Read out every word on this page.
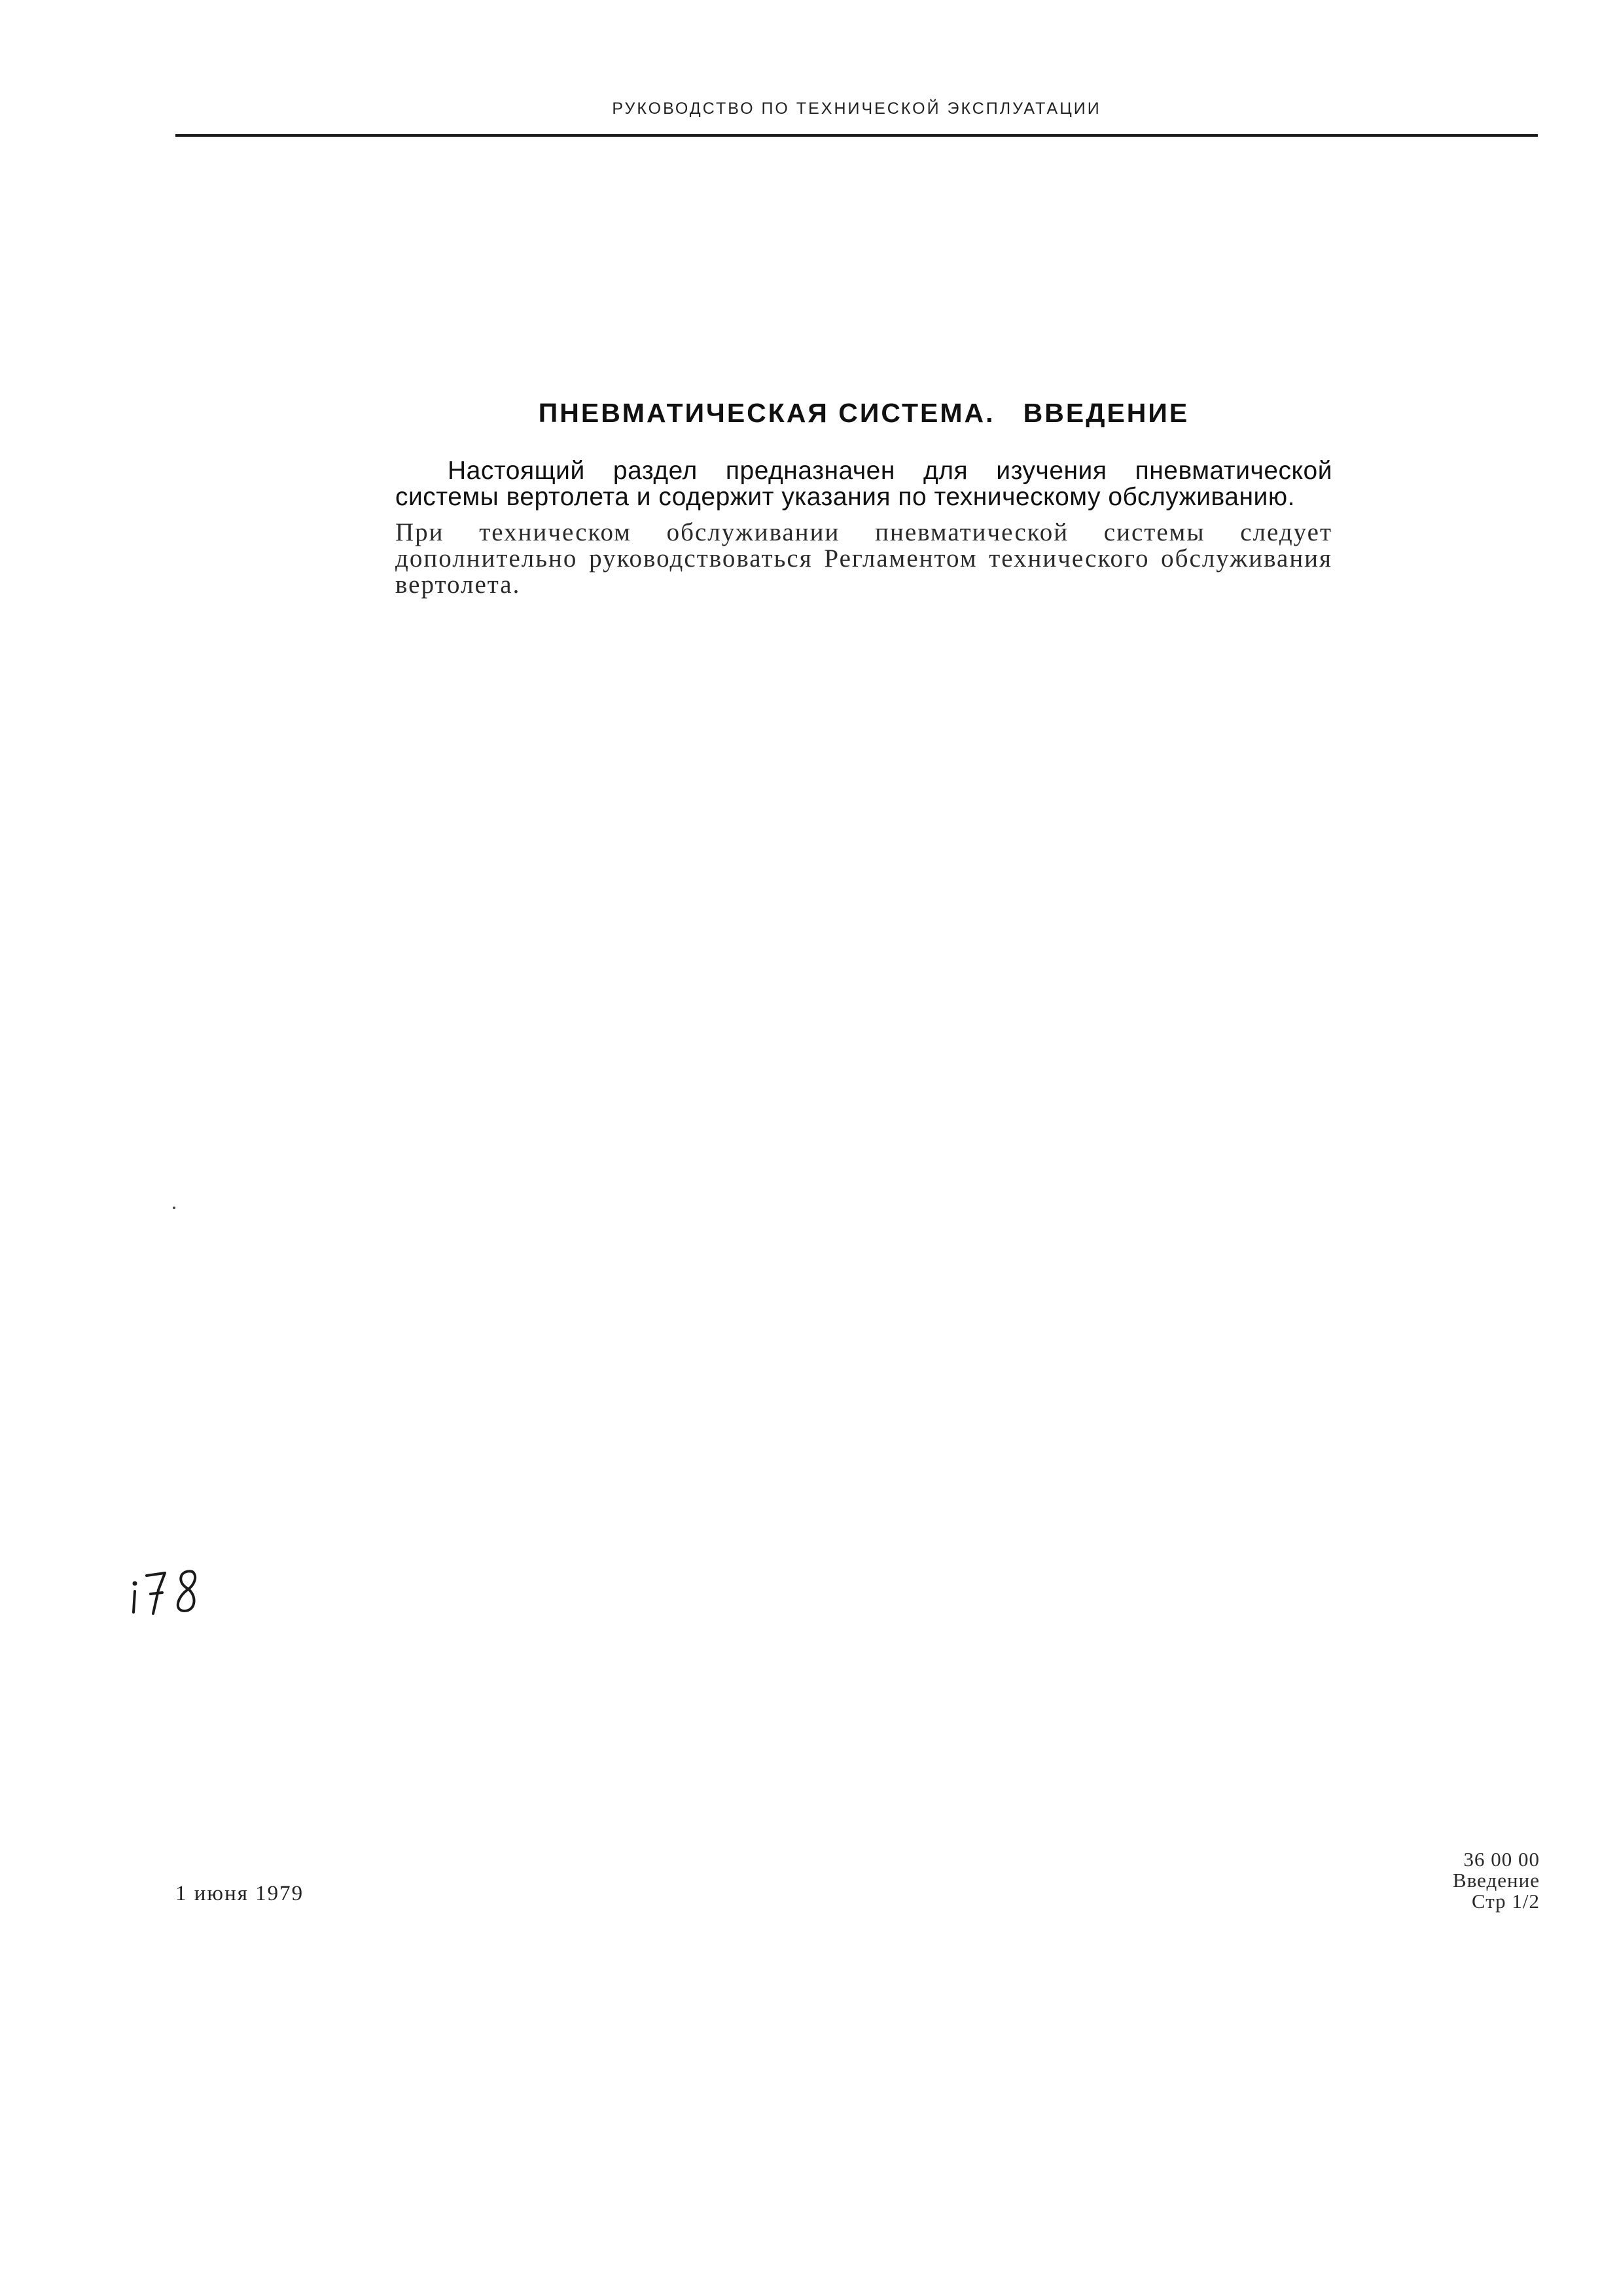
РУКОВОДСТВО ПО ТЕХНИЧЕСКОЙ ЭКСПЛУАТАЦИИ
ПНЕВМАТИЧЕСКАЯ СИСТЕМА.   ВВЕДЕНИЕ

Настоящий раздел предназначен для изучения пневматической системы вертолета и содержит указания по техническому обслуживанию.

При техническом обслуживании пневматической системы следует дополнительно руководствоваться Регламентом технического обслуживания вертолета.

1 июня 1979
36 00 00
Введение
Стр 1/2
